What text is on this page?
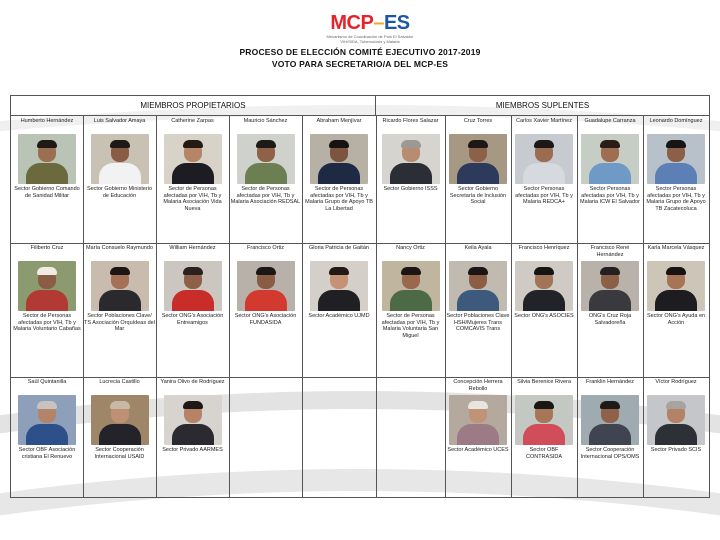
MCP–ES
Mecanismo de Coordinación de País El Salvador
VIH/SIDA, Tuberculosis y Malaria
PROCESO DE ELECCIÓN COMITÉ EJECUTIVO 2017-2019
VOTO PARA SECRETARIO/A DEL MCP-ES
MIEMBROS PROPIETARIOS	MIEMBROS SUPLENTES
Humberto Hernández
Sector Gobierno Comando de Sanidad Militar
Luis Salvador Amaya
Sector Gobierno Ministerio de Educación
Catherine Zarpas
Sector de Personas afectadas por VIH, Tb y Malaria Asociación Vida Nueva
Mauricio Sánchez
Sector de Personas afectadas por VIH, Tb y Malaria Asociación REDSAL
Abraham Menjívar
Sector de Personas afectadas por VIH, Tb y Malaria Grupo de Apoyo TB La Libertad
Ricardo Flores Salazar
Sector Gobierno ISSS
Cruz Torres
Sector Gobierno Secretaría de Inclusión Social
Carlos Xavier Martínez
Sector Personas afectadas por VIH, Tb y Malaria REDCA+
Guadalupe Carranza
Sector Personas afectadas por VIH, Tb y Malaria ICW El Salvador
Leonardo Domínguez
Sector Personas afectadas por VIH, Tb y Malaria Grupo de Apoyo TB Zacatecoluca
Filiberto Cruz
Sector de Personas afectadas por VIH, Tb y Malaria Voluntario Cabañas
María Consuelo Raymundo
Sector Poblaciones Clave/ TS Asociación Orquídeas del Mar
William Hernández
Sector ONG's Asociación Entreamigos
Francisco Ortiz
Sector ONG's Asociación FUNDASIDA
Gloria Patricia de Gaitán
Sector Académico UJMD
Nancy Ortiz
Sector de Personas afectadas por VIH, Tb y Malaria Voluntaria San Miguel
Keila Ayala
Sector Poblaciones Clave HSH/Mujeres Trans COMCAVIS Trans
Francisco Henríquez
Sector ONG's ASOCIES
Francisco René Hernández
ONG's Cruz Roja Salvadoreña
Karla Marcela Vásquez
Sector ONG's Ayuda en Acción
Saúl Quintanilla
Sector OBF Asociación cristiana El Renuevo
Lucrecia Castillo
Sector Cooperación Internacional USAID
Yanira Olivo de Rodríguez
Sector Privado AARMES
Concepción Herrera Rebollo
Sector Académico UCES
Silvia Berenice Rivera
Sector OBF CONTRASIDA
Franklin Hernández
Sector Cooperación Internacional OPS/OMS
Víctor Rodríguez
Sector Privado SCIS
